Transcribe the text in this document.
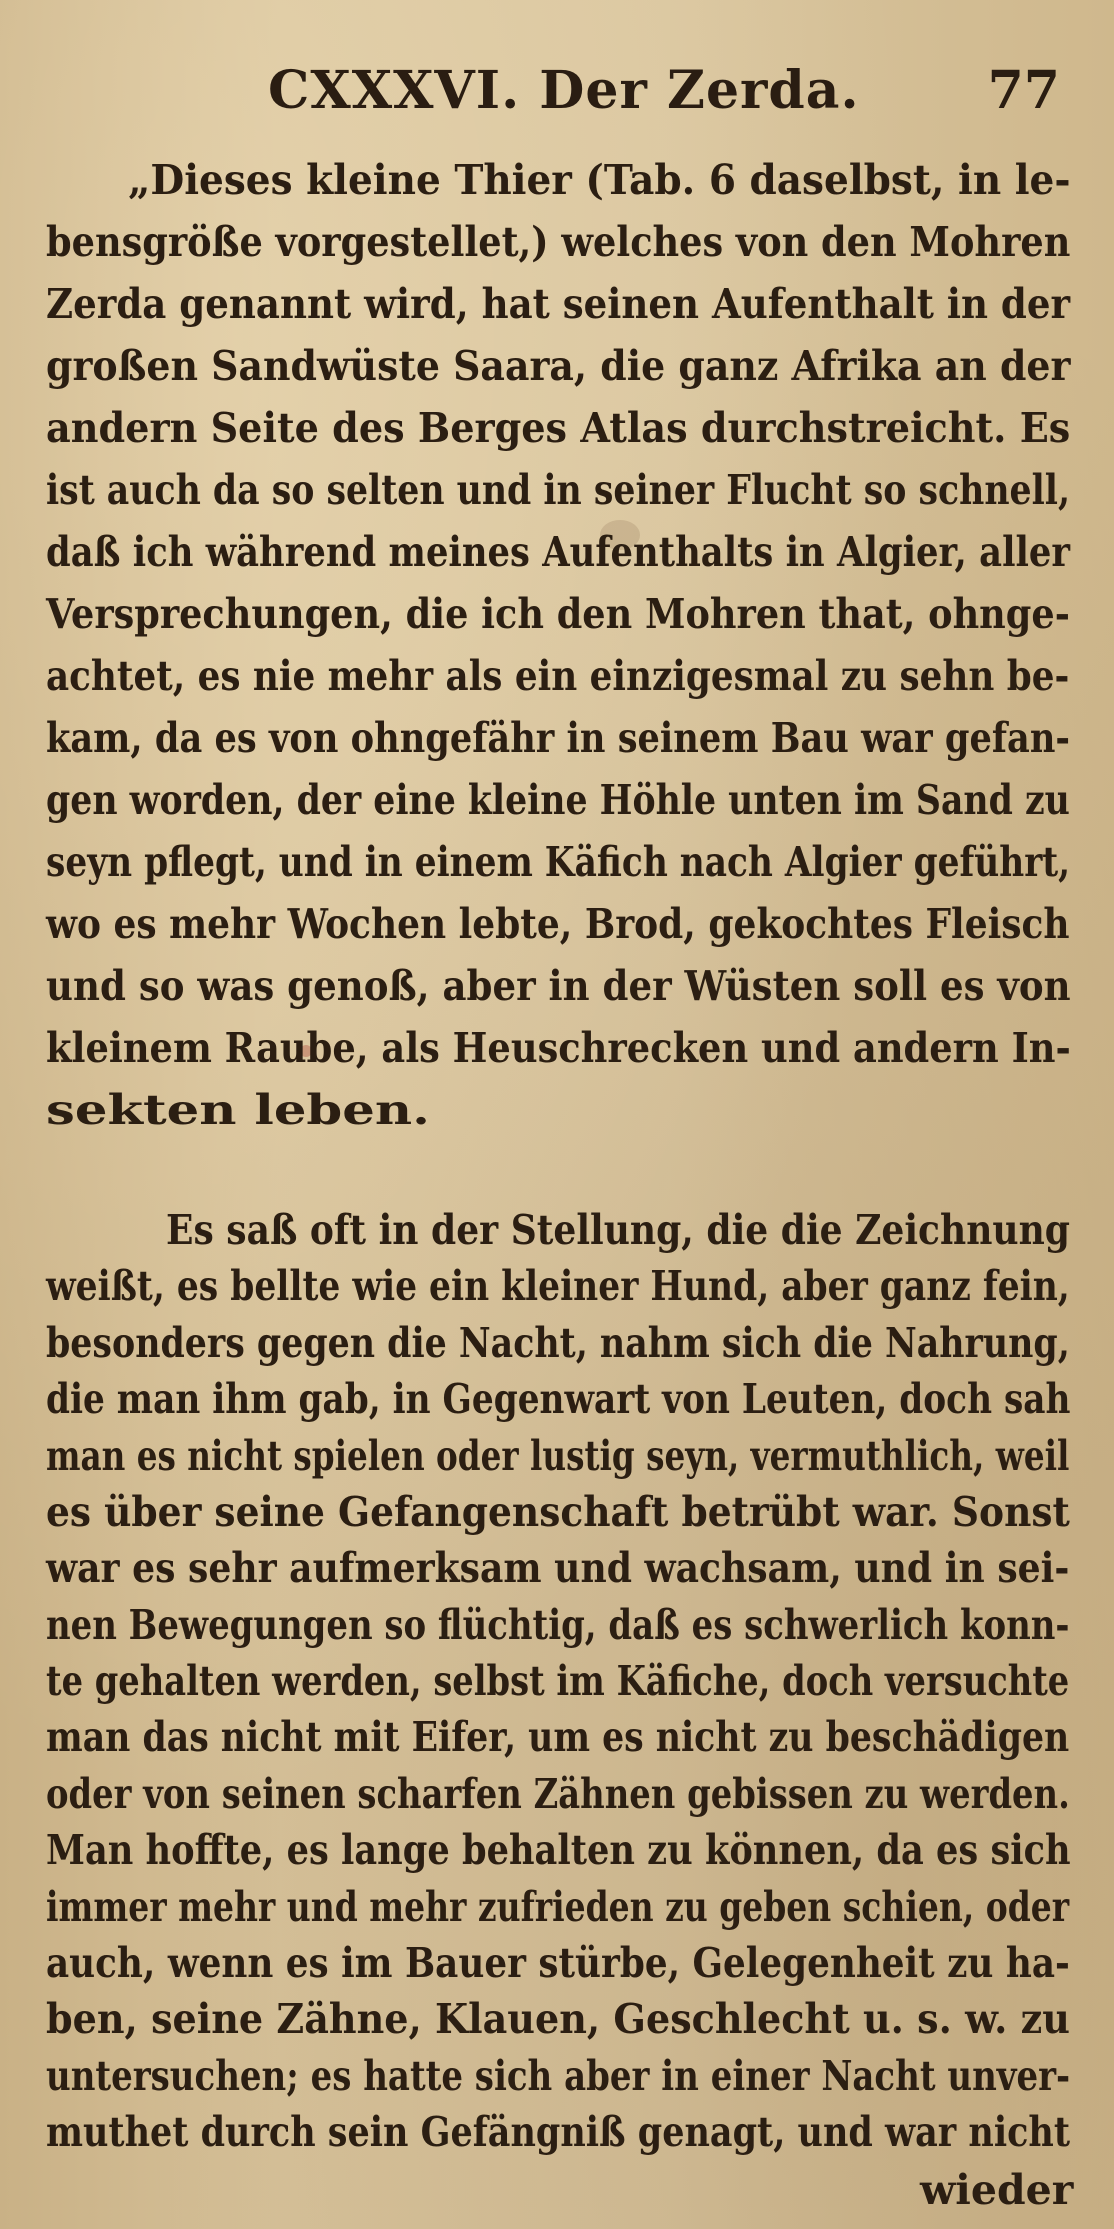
CXXXVI. Der Zerda. 77
„Dieses kleine Thier (Tab. 6 daselbst, in le-
bensgröße vorgestellet,) welches von den Mohren
Zerda genannt wird, hat seinen Aufenthalt in der
großen Sandwüste Saara, die ganz Afrika an der
andern Seite des Berges Atlas durchstreicht. Es
ist auch da so selten und in seiner Flucht so schnell,
daß ich während meines Aufenthalts in Algier, aller
Versprechungen, die ich den Mohren that, ohnge-
achtet, es nie mehr als ein einzigesmal zu sehn be-
kam, da es von ohngefähr in seinem Bau war gefan-
gen worden, der eine kleine Höhle unten im Sand zu
seyn pflegt, und in einem Käfich nach Algier geführt,
wo es mehr Wochen lebte, Brod, gekochtes Fleisch
und so was genoß, aber in der Wüsten soll es von
kleinem Raube, als Heuschrecken und andern In-
sekten leben.
Es saß oft in der Stellung, die die Zeichnung
weißt, es bellte wie ein kleiner Hund, aber ganz fein,
besonders gegen die Nacht, nahm sich die Nahrung,
die man ihm gab, in Gegenwart von Leuten, doch sah
man es nicht spielen oder lustig seyn, vermuthlich, weil
es über seine Gefangenschaft betrübt war. Sonst
war es sehr aufmerksam und wachsam, und in sei-
nen Bewegungen so flüchtig, daß es schwerlich konn-
te gehalten werden, selbst im Käfiche, doch versuchte
man das nicht mit Eifer, um es nicht zu beschädigen
oder von seinen scharfen Zähnen gebissen zu werden.
Man hoffte, es lange behalten zu können, da es sich
immer mehr und mehr zufrieden zu geben schien, oder
auch, wenn es im Bauer stürbe, Gelegenheit zu ha-
ben, seine Zähne, Klauen, Geschlecht u. s. w. zu
untersuchen; es hatte sich aber in einer Nacht unver-
muthet durch sein Gefängniß genagt, und war nicht
wieder
